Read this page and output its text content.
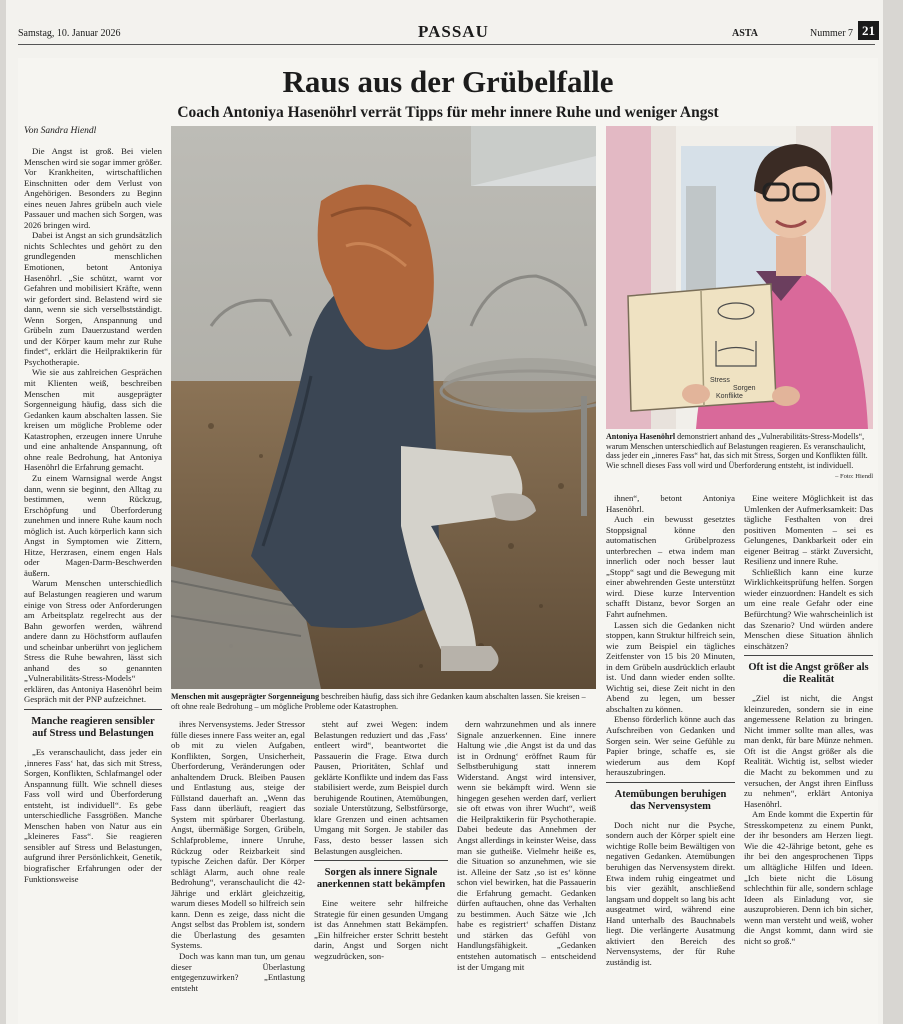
Samstag, 10. Januar 2026	PASSAU	ASTA	Nummer 7 21
Raus aus der Grübelfalle
Coach Antoniya Hasenöhrl verrät Tipps für mehr innere Ruhe und weniger Angst
Von Sandra Hiendl
Stress
Sorgen
Konflikte
Menschen mit ausgeprägter Sorgenneigung beschreiben häufig, dass sich ihre Gedanken kaum abschalten lassen. Sie kreisen – oft ohne reale Bedrohung – um mögliche Probleme oder Katastrophen.
Antoniya Hasenöhrl demonstriert anhand des „Vulnerabilitäts-Stress-Modells“, warum Menschen unterschiedlich auf Belastungen reagieren. Es veranschaulicht, dass jeder ein „inneres Fass“ hat, das sich mit Stress, Sorgen und Konflikten füllt. Wie schnell dieses Fass voll wird und Überforderung entsteht, ist individuell.
– Foto: Hiendl

Die Angst ist groß. Bei vielen Menschen wird sie sogar immer größer. Vor Krankheiten, wirtschaftlichen Einschnitten oder dem Verlust von Angehörigen. Besonders zu Beginn eines neuen Jahres grübeln auch viele Passauer und machen sich Sorgen, was 2026 bringen wird.

Dabei ist Angst an sich grundsätzlich nichts Schlechtes und gehört zu den grundlegenden menschlichen Emotionen, betont Antoniya Hasenöhrl. „Sie schützt, warnt vor Gefahren und mobilisiert Kräfte, wenn wir gefordert sind. Belastend wird sie dann, wenn sie sich verselbstständigt. Wenn Sorgen, Anspannung und Grübeln zum Dauerzustand werden und der Körper kaum mehr zur Ruhe findet“, erklärt die Heilpraktikerin für Psychotherapie.

Wie sie aus zahlreichen Gesprächen mit Klienten weiß, beschreiben Menschen mit ausgeprägter Sorgenneigung häufig, dass sich die Gedanken kaum abschalten lassen. Sie kreisen um mögliche Probleme oder Katastrophen, erzeugen innere Unruhe und eine anhaltende Anspannung, oft ohne reale Bedrohung, hat Antoniya Hasenöhrl die Erfahrung gemacht.

Zu einem Warnsignal werde Angst dann, wenn sie beginnt, den Alltag zu bestimmen, wenn Rückzug, Erschöpfung und Überforderung zunehmen und innere Ruhe kaum noch möglich ist. Auch körperlich kann sich Angst in Symptomen wie Zittern, Hitze, Herzrasen, einem engen Hals oder Magen-Darm-Beschwerden äußern.

Warum Menschen unterschiedlich auf Belastungen reagieren und warum einige von Stress oder Anforderungen am Arbeitsplatz regelrecht aus der Bahn geworfen werden, während andere dann zu Höchstform auflaufen und scheinbar unberührt von jeglichem Stress die Ruhe bewahren, lässt sich anhand des so genannten „Vulnerabilitäts-Stress-Models“ erklären, das Antoniya Hasenöhrl beim Gespräch mit der PNP aufzeichnet.

Manche reagieren sensibler auf Stress und Belastungen

„Es veranschaulicht, dass jeder ein ‚inneres Fass‘ hat, das sich mit Stress, Sorgen, Konflikten, Schlafmangel oder Anspannung füllt. Wie schnell dieses Fass voll wird und Überforderung entsteht, ist individuell“. Es gebe unterschiedliche Fassgrößen. Manche Menschen haben von Natur aus ein „kleineres Fass“. Sie reagieren sensibler auf Stress und Belastungen, aufgrund ihrer Persönlichkeit, Genetik, biografischer Erfahrungen oder der Funktionsweise

ihres Nervensystems. Jeder Stressor fülle dieses innere Fass weiter an, egal ob mit zu vielen Aufgaben, Konflikten, Sorgen, Unsicherheit, Überforderung, Veränderungen oder anhaltendem Druck. Bleiben Pausen und Entlastung aus, steige der Füllstand dauerhaft an. „Wenn das Fass dann überläuft, reagiert das System mit spürbarer Überlastung. Angst, übermäßige Sorgen, Grübeln, Schlafprobleme, innere Unruhe, Rückzug oder Reizbarkeit sind typische Zeichen dafür. Der Körper schlägt Alarm, auch ohne reale Bedrohung“, veranschaulicht die 42-Jährige und erklärt gleichzeitig, warum dieses Modell so hilfreich sein kann. Denn es zeige, dass nicht die Angst selbst das Problem ist, sondern die Überlastung des gesamten Systems.

Doch was kann man tun, um genau dieser Überlastung entgegenzuwirken? „Entlastung entsteht

steht auf zwei Wegen: indem Belastungen reduziert und das ‚Fass‘ entleert wird“, beantwortet die Passauerin die Frage. Etwa durch Pausen, Prioritäten, Schlaf und geklärte Konflikte und indem das Fass stabilisiert werde, zum Beispiel durch beruhigende Routinen, Atemübungen, soziale Unterstützung, Selbstfürsorge, klare Grenzen und einen achtsamen Umgang mit Sorgen. Je stabiler das Fass, desto besser lassen sich Belastungen ausgleichen.

Sorgen als innere Signale anerkennen statt bekämpfen

Eine weitere sehr hilfreiche Strategie für einen gesunden Umgang ist das Annehmen statt Bekämpfen. „Ein hilfreicher erster Schritt besteht darin, Angst und Sorgen nicht wegzudrücken, son-

dern wahrzunehmen und als innere Signale anzuerkennen. Eine innere Haltung wie ‚die Angst ist da und das ist in Ordnung‘ eröffnet Raum für Selbstberuhigung statt innerem Widerstand. Angst wird intensiver, wenn sie bekämpft wird. Wenn sie hingegen gesehen werden darf, verliert sie oft etwas von ihrer Wucht“, weiß die Heilpraktikerin für Psychotherapie. Dabei bedeute das Annehmen der Angst allerdings in keinster Weise, dass man sie gutheiße. Vielmehr heiße es, die Situation so anzunehmen, wie sie ist. Alleine der Satz ‚so ist es‘ könne schon viel bewirken, hat die Passauerin die Erfahrung gemacht. Gedanken dürfen auftauchen, ohne das Verhalten zu bestimmen. Auch Sätze wie ‚Ich habe es registriert‘ schaffen Distanz und stärken das Gefühl von Handlungsfähigkeit. „Gedanken entstehen automatisch – entscheidend ist der Umgang mit

ihnen“, betont Antoniya Hasenöhrl.

Auch ein bewusst gesetztes Stoppsignal könne den automatischen Grübelprozess unterbrechen – etwa indem man innerlich oder noch besser laut „Stopp“ sagt und die Bewegung mit einer abwehrenden Geste unterstützt wird. Diese kurze Intervention schafft Distanz, bevor Sorgen an Fahrt aufnehmen.

Lassen sich die Gedanken nicht stoppen, kann Struktur hilfreich sein, wie zum Beispiel ein tägliches Zeitfenster von 15 bis 20 Minuten, in dem Grübeln ausdrücklich erlaubt ist. Und dann wieder enden sollte. Wichtig sei, diese Zeit nicht in den Abend zu legen, um besser abschalten zu können.

Ebenso förderlich könne auch das Aufschreiben von Gedanken und Sorgen sein. Wer seine Gefühle zu Papier bringe, schaffe es, sie wiederum aus dem Kopf herauszubringen.

Atemübungen beruhigen das Nervensystem

Doch nicht nur die Psyche, sondern auch der Körper spielt eine wichtige Rolle beim Bewältigen von negativen Gedanken. Atemübungen beruhigen das Nervensystem direkt. Etwa indem ruhig eingeatmet und bis vier gezählt, anschließend langsam und doppelt so lang bis acht ausgeatmet wird, während eine Hand unterhalb des Bauchnabels liegt. Die verlängerte Ausatmung aktiviert den Bereich des Nervensystems, der für Ruhe zuständig ist.

Eine weitere Möglichkeit ist das Umlenken der Aufmerksamkeit: Das tägliche Festhalten von drei positiven Momenten – sei es Gelungenes, Dankbarkeit oder ein eigener Beitrag – stärkt Zuversicht, Resilienz und innere Ruhe.

Schließlich kann eine kurze Wirklichkeitsprüfung helfen. Sorgen wieder einzuordnen: Handelt es sich um eine reale Gefahr oder eine Befürchtung? Wie wahrscheinlich ist das Szenario? Und würden andere Menschen diese Situation ähnlich einschätzen?

Oft ist die Angst größer als die Realität

„Ziel ist nicht, die Angst kleinzureden, sondern sie in eine angemessene Relation zu bringen. Nicht immer sollte man alles, was man denkt, für bare Münze nehmen. Oft ist die Angst größer als die Realität. Wichtig ist, selbst wieder die Macht zu bekommen und zu versuchen, der Angst ihren Einfluss zu nehmen“, erklärt Antoniya Hasenöhrl.

Am Ende kommt die Expertin für Stresskompetenz zu einem Punkt, der ihr besonders am Herzen liegt. Wie die 42-Jährige betont, gehe es ihr bei den angesprochenen Tipps um alltägliche Hilfen und Ideen. „Ich biete nicht die Lösung schlechthin für alle, sondern schlage Ideen als Einladung vor, sie auszuprobieren. Denn ich bin sicher, wenn man versteht und weiß, woher die Angst kommt, dann wird sie nicht so groß.“
